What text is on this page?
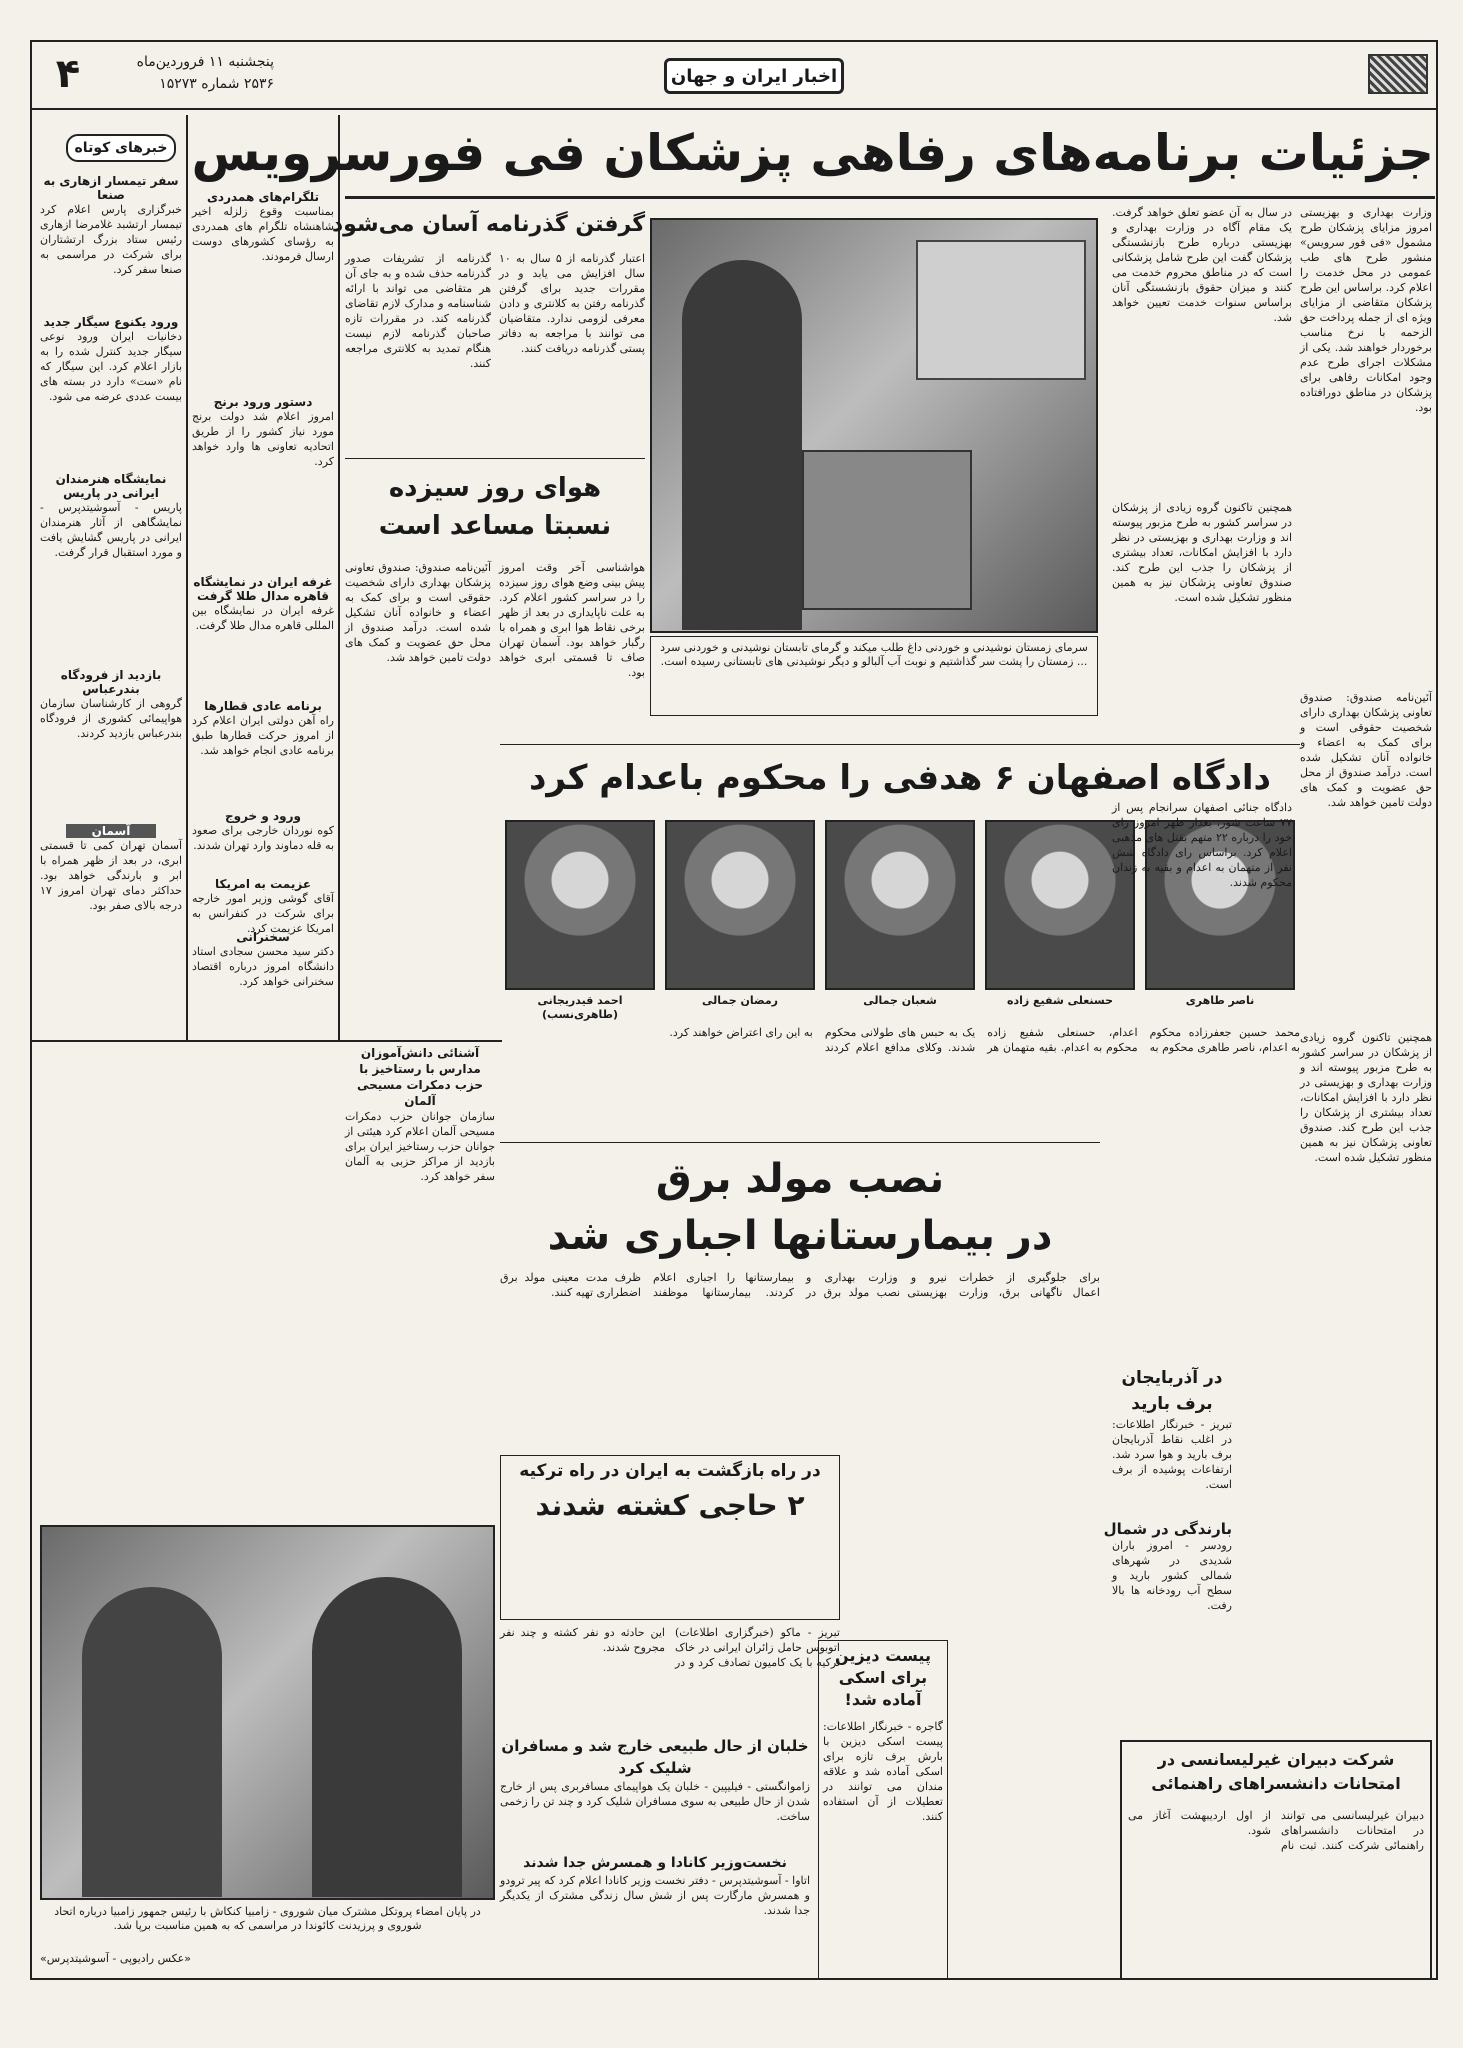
اخبار ایران و جهان
۴	پنجشنبه ۱۱ فروردین‌ماه
۲۵۳۶ شماره ۱۵۲۷۳
خبرهای کوتاه
سفر تیمسار ازهاری به صنعا
خبرگزاری پارس اعلام کرد تیمسار ارتشبد غلامرضا ازهاری رئیس ستاد بزرگ ارتشتاران برای شرکت در مراسمی به صنعا سفر کرد.
ورود یکنوع سیگار جدید
دخانیات ایران ورود نوعی سیگار جدید کنترل شده را به بازار اعلام کرد. این سیگار که نام «ست» دارد در بسته های بیست عددی عرضه می شود.
نمایشگاه هنرمندان ایرانی در پاریس
پاریس - آسوشیتدپرس - نمایشگاهی از آثار هنرمندان ایرانی در پاریس گشایش یافت و مورد استقبال قرار گرفت.
بازدید از فرودگاه بندرعباس
گروهی از کارشناسان سازمان هواپیمائی کشوری از فرودگاه بندرعباس بازدید کردند.
آسمان
آسمان تهران کمی تا قسمتی ابری، در بعد از ظهر همراه با ابر و بارندگی خواهد بود. حداکثر دمای تهران امروز ۱۷ درجه بالای صفر بود.
تلگرام‌های همدردی
بمناسبت وقوع زلزله اخیر شاهنشاه تلگرام های همدردی به رؤسای کشورهای دوست ارسال فرمودند.
دستور ورود برنج
امروز اعلام شد دولت برنج مورد نیاز کشور را از طریق اتحادیه تعاونی ها وارد خواهد کرد.
غرفه ایران در نمایشگاه قاهره مدال طلا گرفت
غرفه ایران در نمایشگاه بین المللی قاهره مدال طلا گرفت.
برنامه عادی قطارها
راه آهن دولتی ایران اعلام کرد از امروز حرکت قطارها طبق برنامه عادی انجام خواهد شد.
ورود و خروج
کوه نوردان خارجی برای صعود به قله دماوند وارد تهران شدند.
عزیمت به امریکا
آقای گوشی وزیر امور خارجه برای شرکت در کنفرانس به امریکا عزیمت کرد.
سخنرانی
دکتر سید محسن سجادی استاد دانشگاه امروز درباره اقتصاد سخنرانی خواهد کرد.
جزئیات برنامه‌های رفاهی پزشکان فی فورسرویس
گرفتن گذرنامه آسان‌ می‌شود
اعتبار گذرنامه از ۵ سال به ۱۰ سال افزایش می یابد و در مقررات جدید برای گرفتن گذرنامه رفتن به کلانتری و دادن معرفی لزومی ندارد. متقاضیان می توانند با مراجعه به دفاتر پستی گذرنامه دریافت کنند.
گذرنامه از تشریفات صدور گذرنامه حذف شده و به جای آن هر متقاضی می تواند با ارائه شناسنامه و مدارک لازم تقاضای گذرنامه کند. در مقررات تازه صاحبان گذرنامه لازم نیست هنگام تمدید به کلانتری مراجعه کنند.
هوای روز سیزده
نسبتا مساعد است
هواشناسی آخر وقت امروز پیش بینی وضع هوای روز سیزده را در سراسر کشور اعلام کرد. به علت ناپایداری در بعد از ظهر برخی نقاط هوا ابری و همراه با رگبار خواهد بود. آسمان تهران صاف تا قسمتی ابری خواهد بود.
آئین‌نامه صندوق: صندوق تعاونی پزشکان بهداری دارای شخصیت حقوقی است و برای کمک به اعضاء و خانواده آنان تشکیل شده است. درآمد صندوق از محل حق عضویت و کمک های دولت تامین خواهد شد.
آشنائی دانش‌آموزان مدارس با رستاخیز با حزب دمکرات مسیحی آلمان
سازمان جوانان حزب دمکرات مسیحی آلمان اعلام کرد هیئتی از جوانان حزب رستاخیز ایران برای بازدید از مراکز حزبی به آلمان سفر خواهد کرد.
سرمای زمستان نوشیدنی و خوردنی داغ طلب میکند و گرمای تابستان نوشیدنی و خوردنی سرد ... زمستان را پشت سر گذاشتیم و نوبت آب آلبالو و دیگر نوشیدنی های تابستانی رسیده است.
وزارت بهداری و بهزیستی امروز مزایای پزشکان طرح مشمول «فی فور سرویس» منشور طرح های طب عمومی در محل خدمت را اعلام کرد. براساس این طرح پزشکان متقاضی از مزایای ویژه ای از جمله پرداخت حق الزحمه با نرخ مناسب برخوردار خواهند شد. یکی از مشکلات اجرای طرح عدم وجود امکانات رفاهی برای پزشکان در مناطق دورافتاده بود.
در سال به آن عضو تعلق خواهد گرفت. یک مقام آگاه در وزارت بهداری و بهزیستی درباره طرح بازنشستگی پزشکان گفت این طرح شامل پزشکانی است که در مناطق محروم خدمت می کنند و میزان حقوق بازنشستگی آنان براساس سنوات خدمت تعیین خواهد شد.
همچنین تاکنون گروه زیادی از پزشکان در سراسر کشور به طرح مزبور پیوسته اند و وزارت بهداری و بهزیستی در نظر دارد با افزایش امکانات، تعداد بیشتری از پزشکان را جذب این طرح کند. صندوق تعاونی پزشکان نیز به همین منظور تشکیل شده است.
آئین‌نامه صندوق: صندوق تعاونی پزشکان بهداری دارای شخصیت حقوقی است و برای کمک به اعضاء و خانواده آنان تشکیل شده است. درآمد صندوق از محل حق عضویت و کمک های دولت تامین خواهد شد.
دادگاه اصفهان ۶ هدفی را محکوم باعدام کرد
ناصر طاهری
حسنعلی شفیع زاده
شعبان جمالی
رمضان جمالی
احمد قیدریجانی (طاهری‌نسب)
دادگاه جنائی اصفهان سرانجام پس از ۷۷ ساعت شور، بعداز ظهر امروز رای خود را درباره ۲۲ متهم بقتل های مذهبی اعلام کرد. براساس رای دادگاه شش نفر از متهمان به اعدام و بقیه به زندان محکوم شدند.
محمد حسین جعفرزاده محکوم به اعدام، ناصر طاهری محکوم به اعدام، حسنعلی شفیع زاده محکوم به اعدام. بقیه متهمان هر یک به حبس های طولانی محکوم شدند. وکلای مدافع اعلام کردند به این رای اعتراض خواهند کرد.
نصب مولد برق
در بیمارستانها اجباری شد
برای جلوگیری از خطرات اعمال ناگهانی برق، وزارت نیرو و وزارت بهداری و بهزیستی نصب مولد برق در بیمارستانها را اجباری اعلام کردند. بیمارستانها موظفند ظرف مدت معینی مولد برق اضطراری تهیه کنند.
در راه بازگشت به ایران در راه ترکیه
۲ حاجی کشته شدند
تبریز - ماکو (خبرگزاری اطلاعات) اتوبوس حامل زائران ایرانی در خاک ترکیه با یک کامیون تصادف کرد و در این حادثه دو نفر کشته و چند نفر مجروح شدند.
خلبان از حال طبیعی خارج شد و مسافران شلیک کرد
زاموانگستی - فیلیپین - خلبان یک هواپیمای مسافربری پس از خارج شدن از حال طبیعی به سوی مسافران شلیک کرد و چند تن را زخمی ساخت.
نخست‌وزیر کانادا و همسرش جدا شدند
اتاوا - آسوشیتدپرس - دفتر نخست وزیر کانادا اعلام کرد که پیر ترودو و همسرش مارگارت پس از شش سال زندگی مشترک از یکدیگر جدا شدند.
پیست دیزین برای اسکی آماده شد!
گاجره - خبرنگار اطلاعات: پیست اسکی دیزین با بارش برف تازه برای اسکی آماده شد و علاقه مندان می توانند در تعطیلات از آن استفاده کنند.
همچنین تاکنون گروه زیادی از پزشکان در سراسر کشور به طرح مزبور پیوسته اند و وزارت بهداری و بهزیستی در نظر دارد با افزایش امکانات، تعداد بیشتری از پزشکان را جذب این طرح کند. صندوق تعاونی پزشکان نیز به همین منظور تشکیل شده است.
در آذربایجان برف بارید
تبریز - خبرنگار اطلاعات: در اغلب نقاط آذربایجان برف بارید و هوا سرد شد. ارتفاعات پوشیده از برف است.
بارندگی در شمال
رودسر - امروز باران شدیدی در شهرهای شمالی کشور بارید و سطح آب رودخانه ها بالا رفت.
شرکت دبیران غیرلیسانسی در امتحانات دانشسراهای راهنمائی
دبیران غیرلیسانسی می توانند در امتحانات دانشسراهای راهنمائی شرکت کنند. ثبت نام از اول اردیبهشت آغاز می شود.
در پایان امضاء پروتکل مشترک میان شوروی - زامبیا کنکاش با رئیس جمهور زامبیا درباره اتحاد شوروی و پرزیدنت کائوندا در مراسمی که به همین مناسبت برپا شد.
«عکس رادیوپی - آسوشیتدپرس»
